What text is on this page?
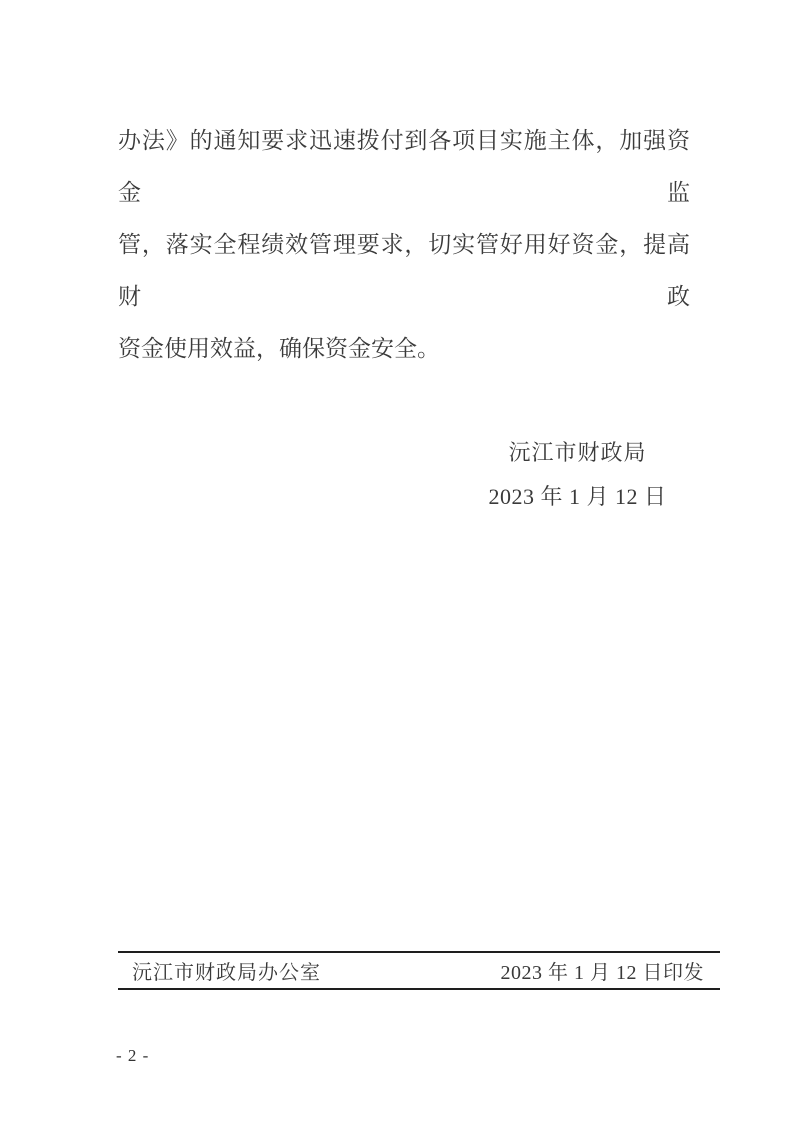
办法》的通知要求迅速拨付到各项目实施主体，加强资金监
管，落实全程绩效管理要求，切实管好用好资金，提高财政
资金使用效益，确保资金安全。
沅江市财政局
2023 年 1 月 12 日
沅江市财政局办公室	2023 年 1 月 12 日印发
- 2 -
